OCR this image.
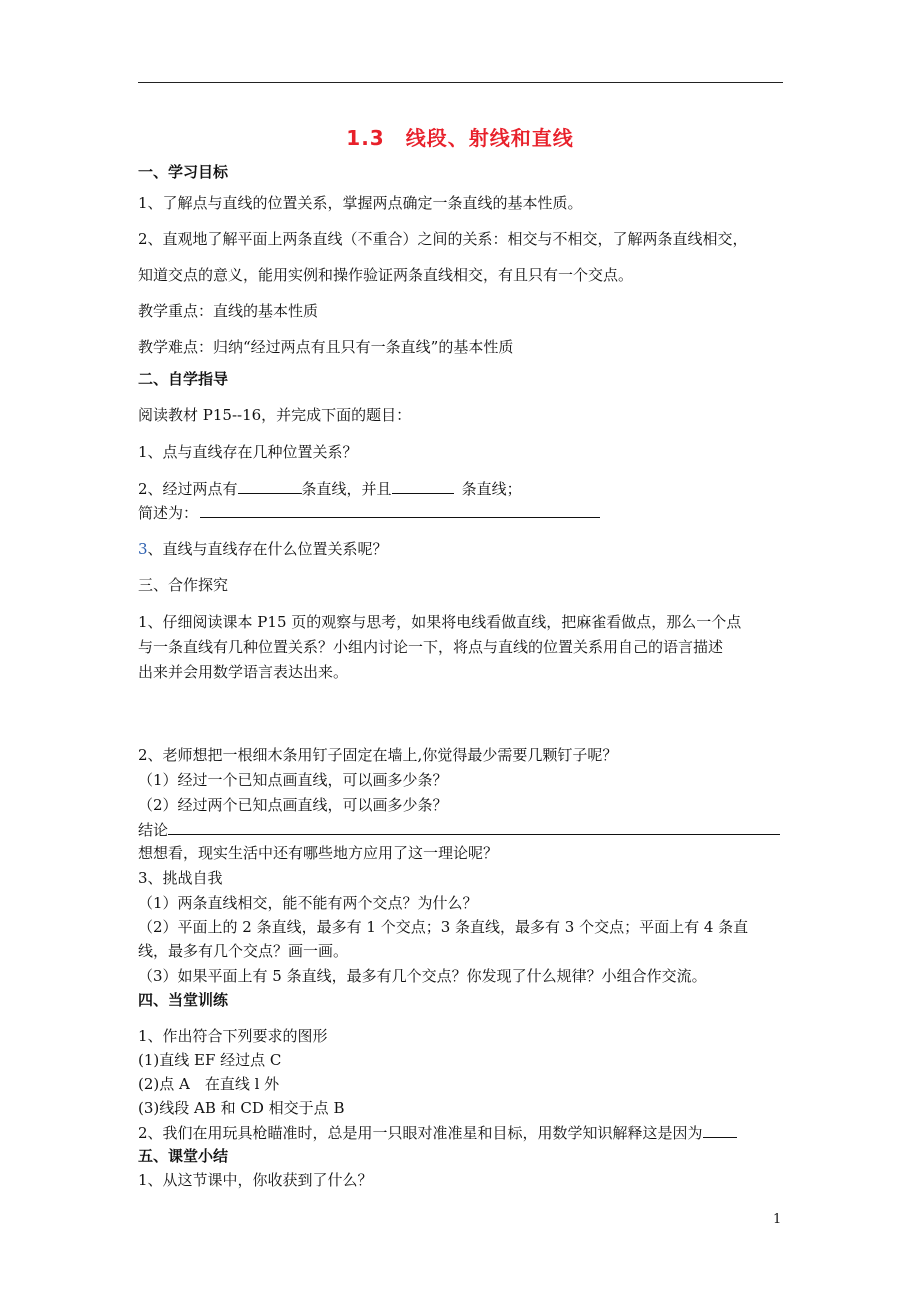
1.3　线段、射线和直线
一、学习目标
1、了解点与直线的位置关系，掌握两点确定一条直线的基本性质。
2、直观地了解平面上两条直线（不重合）之间的关系：相交与不相交，了解两条直线相交，
知道交点的意义，能用实例和操作验证两条直线相交，有且只有一个交点。
教学重点：直线的基本性质
教学难点：归纳“经过两点有且只有一条直线”的基本性质
二、自学指导
阅读教材 P15--16，并完成下面的题目：
1、点与直线存在几种位置关系？
2、经过两点有	条直线，并且	条直线；
简述为：
3、直线与直线存在什么位置关系呢？
三、合作探究
1、仔细阅读课本 P15 页的观察与思考，如果将电线看做直线，把麻雀看做点，那么一个点
与一条直线有几种位置关系？小组内讨论一下，将点与直线的位置关系用自己的语言描述
出来并会用数学语言表达出来。
2、老师想把一根细木条用钉子固定在墙上,你觉得最少需要几颗钉子呢？
（1）经过一个已知点画直线，可以画多少条？
（2）经过两个已知点画直线，可以画多少条？
结论
想想看，现实生活中还有哪些地方应用了这一理论呢？
3、挑战自我
（1）两条直线相交，能不能有两个交点？为什么？
（2）平面上的 2 条直线，最多有 1 个交点；3 条直线，最多有 3 个交点；平面上有 4 条直
线，最多有几个交点？画一画。
（3）如果平面上有 5 条直线，最多有几个交点？你发现了什么规律？小组合作交流。
四、当堂训练
1、作出符合下列要求的图形
(1)直线 EF 经过点 C
(2)点 A　在直线 l 外
(3)线段 AB 和 CD 相交于点 B
2、我们在用玩具枪瞄准时，总是用一只眼对准准星和目标，用数学知识解释这是因为
五、课堂小结
1、从这节课中，你收获到了什么？
1
